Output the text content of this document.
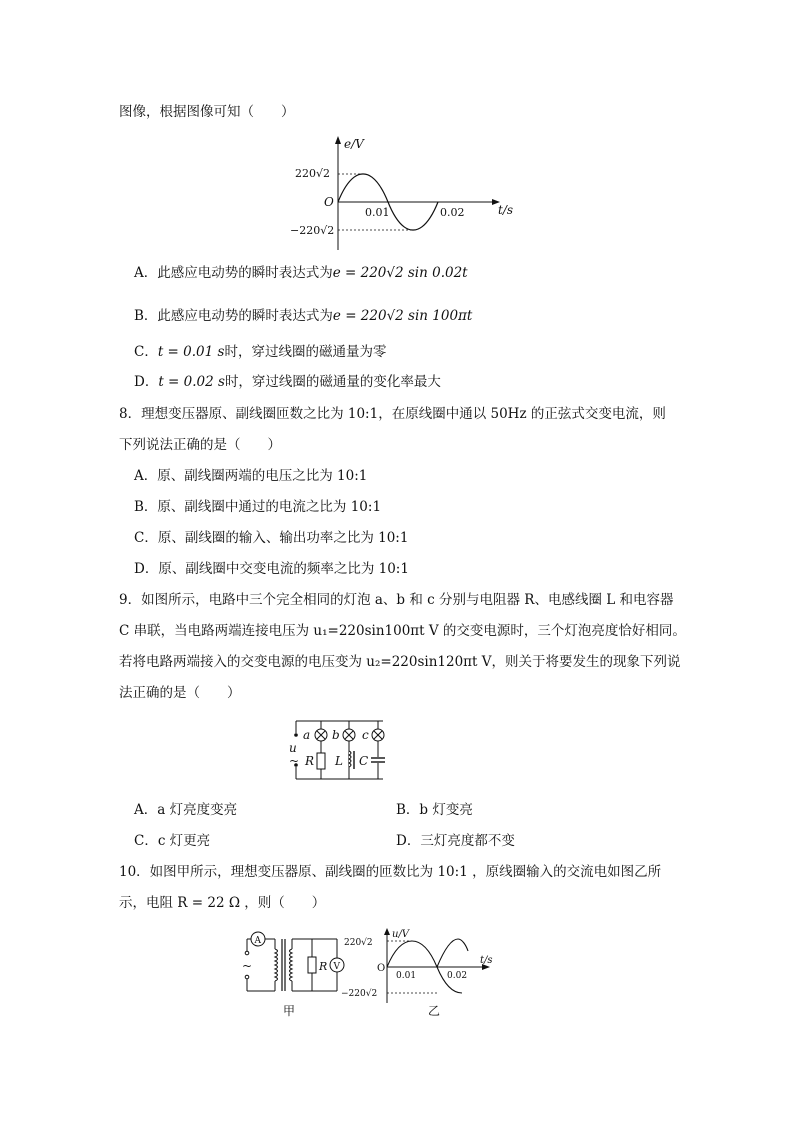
图像，根据图像可知（　　）
e/V
t/s
O
220√2
−220√2
0.01	0.02
A．此感应电动势的瞬时表达式为e = 220√2 sin 0.02t
B．此感应电动势的瞬时表达式为e = 220√2 sin 100πt
C．t = 0.01 s时，穿过线圈的磁通量为零
D．t = 0.02 s时，穿过线圈的磁通量的变化率最大
8．理想变压器原、副线圈匝数之比为 10:1，在原线圈中通以 50Hz 的正弦式交变电流，则
下列说法正确的是（　　）
A．原、副线圈两端的电压之比为 10:1
B．原、副线圈中通过的电流之比为 10:1
C．原、副线圈的输入、输出功率之比为 10:1
D．原、副线圈中交变电流的频率之比为 10:1
9．如图所示，电路中三个完全相同的灯泡 a、b 和 c 分别与电阻器 R、电感线圈 L 和电容器
C 串联，当电路两端连接电压为 u₁=220sin100πt V 的交变电源时，三个灯泡亮度恰好相同。
若将电路两端接入的交变电源的电压变为 u₂=220sin120πt V，则关于将要发生的现象下列说
法正确的是（　　）
a b c
u
~ R L C
A．a 灯亮度变亮	B．b 灯变亮
C．c 灯更亮	D．三灯亮度都不变
10．如图甲所示，理想变压器原、副线圈的匝数比为 10:1 ，原线圈输入的交流电如图乙所
示，电阻 R = 22 Ω ，则（　　）
A
~	R V
甲
u/V
t/s
O
220√2
−220√2
0.01	0.02
乙
